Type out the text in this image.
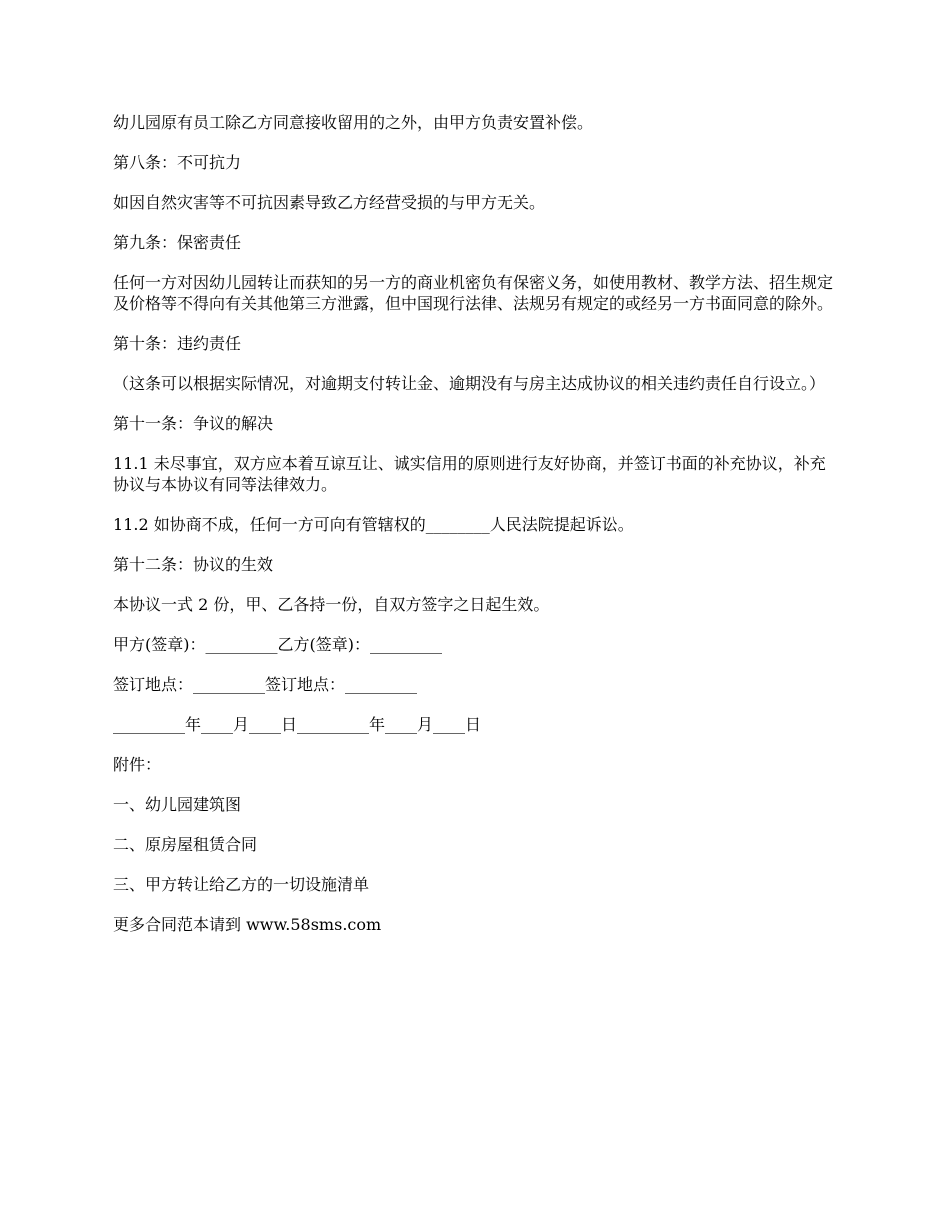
幼儿园原有员工除乙方同意接收留用的之外，由甲方负责安置补偿。

第八条：不可抗力

如因自然灾害等不可抗因素导致乙方经营受损的与甲方无关。

第九条：保密责任

任何一方对因幼儿园转让而获知的另一方的商业机密负有保密义务，如使用教材、教学方法、招生规定及价格等不得向有关其他第三方泄露，但中国现行法律、法规另有规定的或经另一方书面同意的除外。

第十条：违约责任

（这条可以根据实际情况，对逾期支付转让金、逾期没有与房主达成协议的相关违约责任自行设立。）

第十一条：争议的解决

11.1 未尽事宜，双方应本着互谅互让、诚实信用的原则进行友好协商，并签订书面的补充协议，补充协议与本协议有同等法律效力。

11.2 如协商不成，任何一方可向有管辖权的________人民法院提起诉讼。

第十二条：协议的生效

本协议一式 2 份，甲、乙各持一份，自双方签字之日起生效。

甲方(签章)：_________乙方(签章)：_________

签订地点：_________签订地点：_________

_________年____月____日_________年____月____日

附件：

一、幼儿园建筑图

二、原房屋租赁合同

三、甲方转让给乙方的一切设施清单

更多合同范本请到 www.58sms.com
